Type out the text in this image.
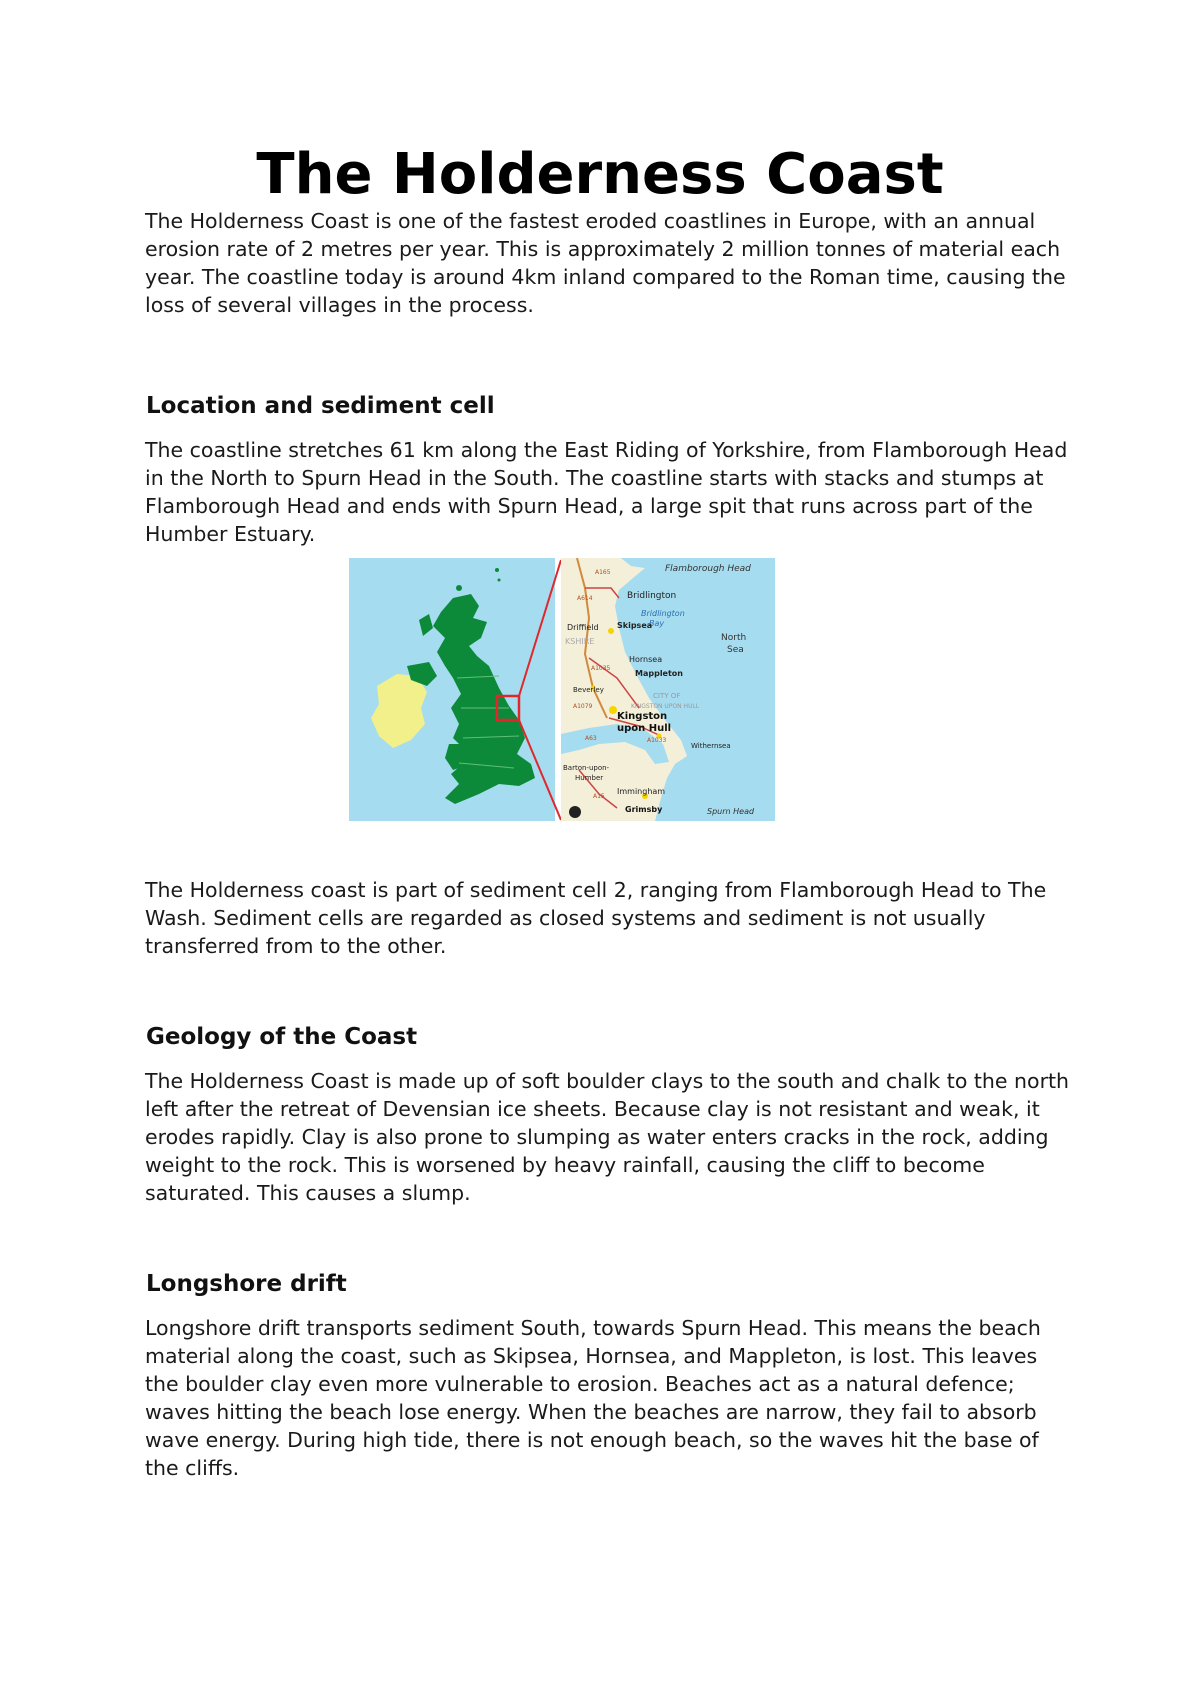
The Holderness Coast

The Holderness Coast is one of the fastest eroded coastlines in Europe, with an annual erosion rate of 2 metres per year. This is approximately 2 million tonnes of material each year. The coastline today is around 4km inland compared to the Roman time, causing the loss of several villages in the process.

Location and sediment cell

The coastline stretches 61 km along the East Riding of Yorkshire, from Flamborough Head in the North to Spurn Head in the South. The coastline starts with stacks and stumps at Flamborough Head and ends with Spurn Head, a large spit that runs across part of the Humber Estuary.

Flamborough Head
Bridlington
Bridlington
Bay
Driffield
KSHIRE
Skipsea
North
Sea
Hornsea
Mappleton
Beverley
CITY OF
KINGSTON UPON HULL
Kingston
upon Hull
Withernsea
Barton-upon-
Humber
Immingham
Grimsby	Spurn Head
A165
A614
A1035
A1079
A63	A1033
A15

The Holderness coast is part of sediment cell 2, ranging from Flamborough Head to The Wash. Sediment cells are regarded as closed systems and sediment is not usually transferred from to the other.

Geology of the Coast

The Holderness Coast is made up of soft boulder clays to the south and chalk to the north left after the retreat of Devensian ice sheets. Because clay is not resistant and weak, it erodes rapidly. Clay is also prone to slumping as water enters cracks in the rock, adding weight to the rock. This is worsened by heavy rainfall, causing the cliff to become saturated. This causes a slump.

Longshore drift

Longshore drift transports sediment South, towards Spurn Head. This means the beach material along the coast, such as Skipsea, Hornsea, and Mappleton, is lost. This leaves the boulder clay even more vulnerable to erosion. Beaches act as a natural defence; waves hitting the beach lose energy. When the beaches are narrow, they fail to absorb wave energy. During high tide, there is not enough beach, so the waves hit the base of the cliffs.
